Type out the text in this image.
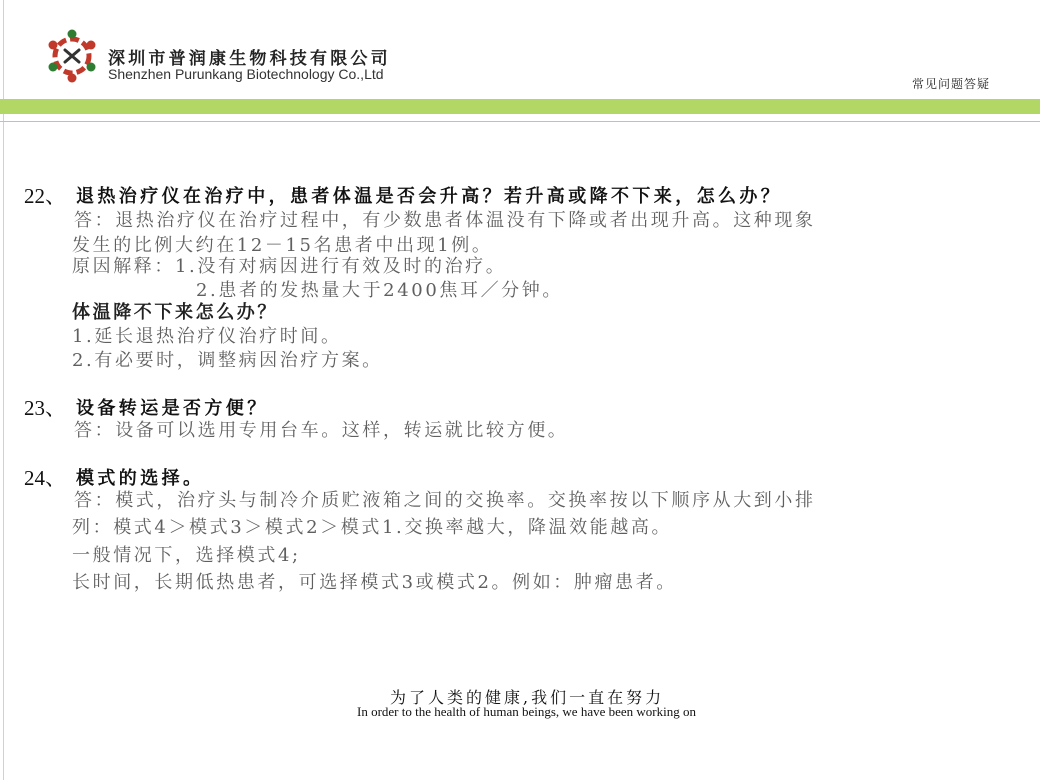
深圳市普润康生物科技有限公司
Shenzhen Purunkang Biotechnology Co.,Ltd
常见问题答疑
22、 退热治疗仪在治疗中，患者体温是否会升高？若升高或降不下来，怎么办？
答：退热治疗仪在治疗过程中，有少数患者体温没有下降或者出现升高。这种现象
发生的比例大约在12－15名患者中出现1例。
原因解释：1.没有对病因进行有效及时的治疗。
2.患者的发热量大于2400焦耳／分钟。
体温降不下来怎么办？
1.延长退热治疗仪治疗时间。
2.有必要时，调整病因治疗方案。
23、 设备转运是否方便？
答：设备可以选用专用台车。这样，转运就比较方便。
24、 模式的选择。
答：模式，治疗头与制冷介质贮液箱之间的交换率。交换率按以下顺序从大到小排
列：模式4＞模式3＞模式2＞模式1.交换率越大，降温效能越高。
一般情况下，选择模式4;
长时间，长期低热患者，可选择模式3或模式2。例如：肿瘤患者。
为了人类的健康,我们一直在努力
In order to the health of human beings, we have been working on
